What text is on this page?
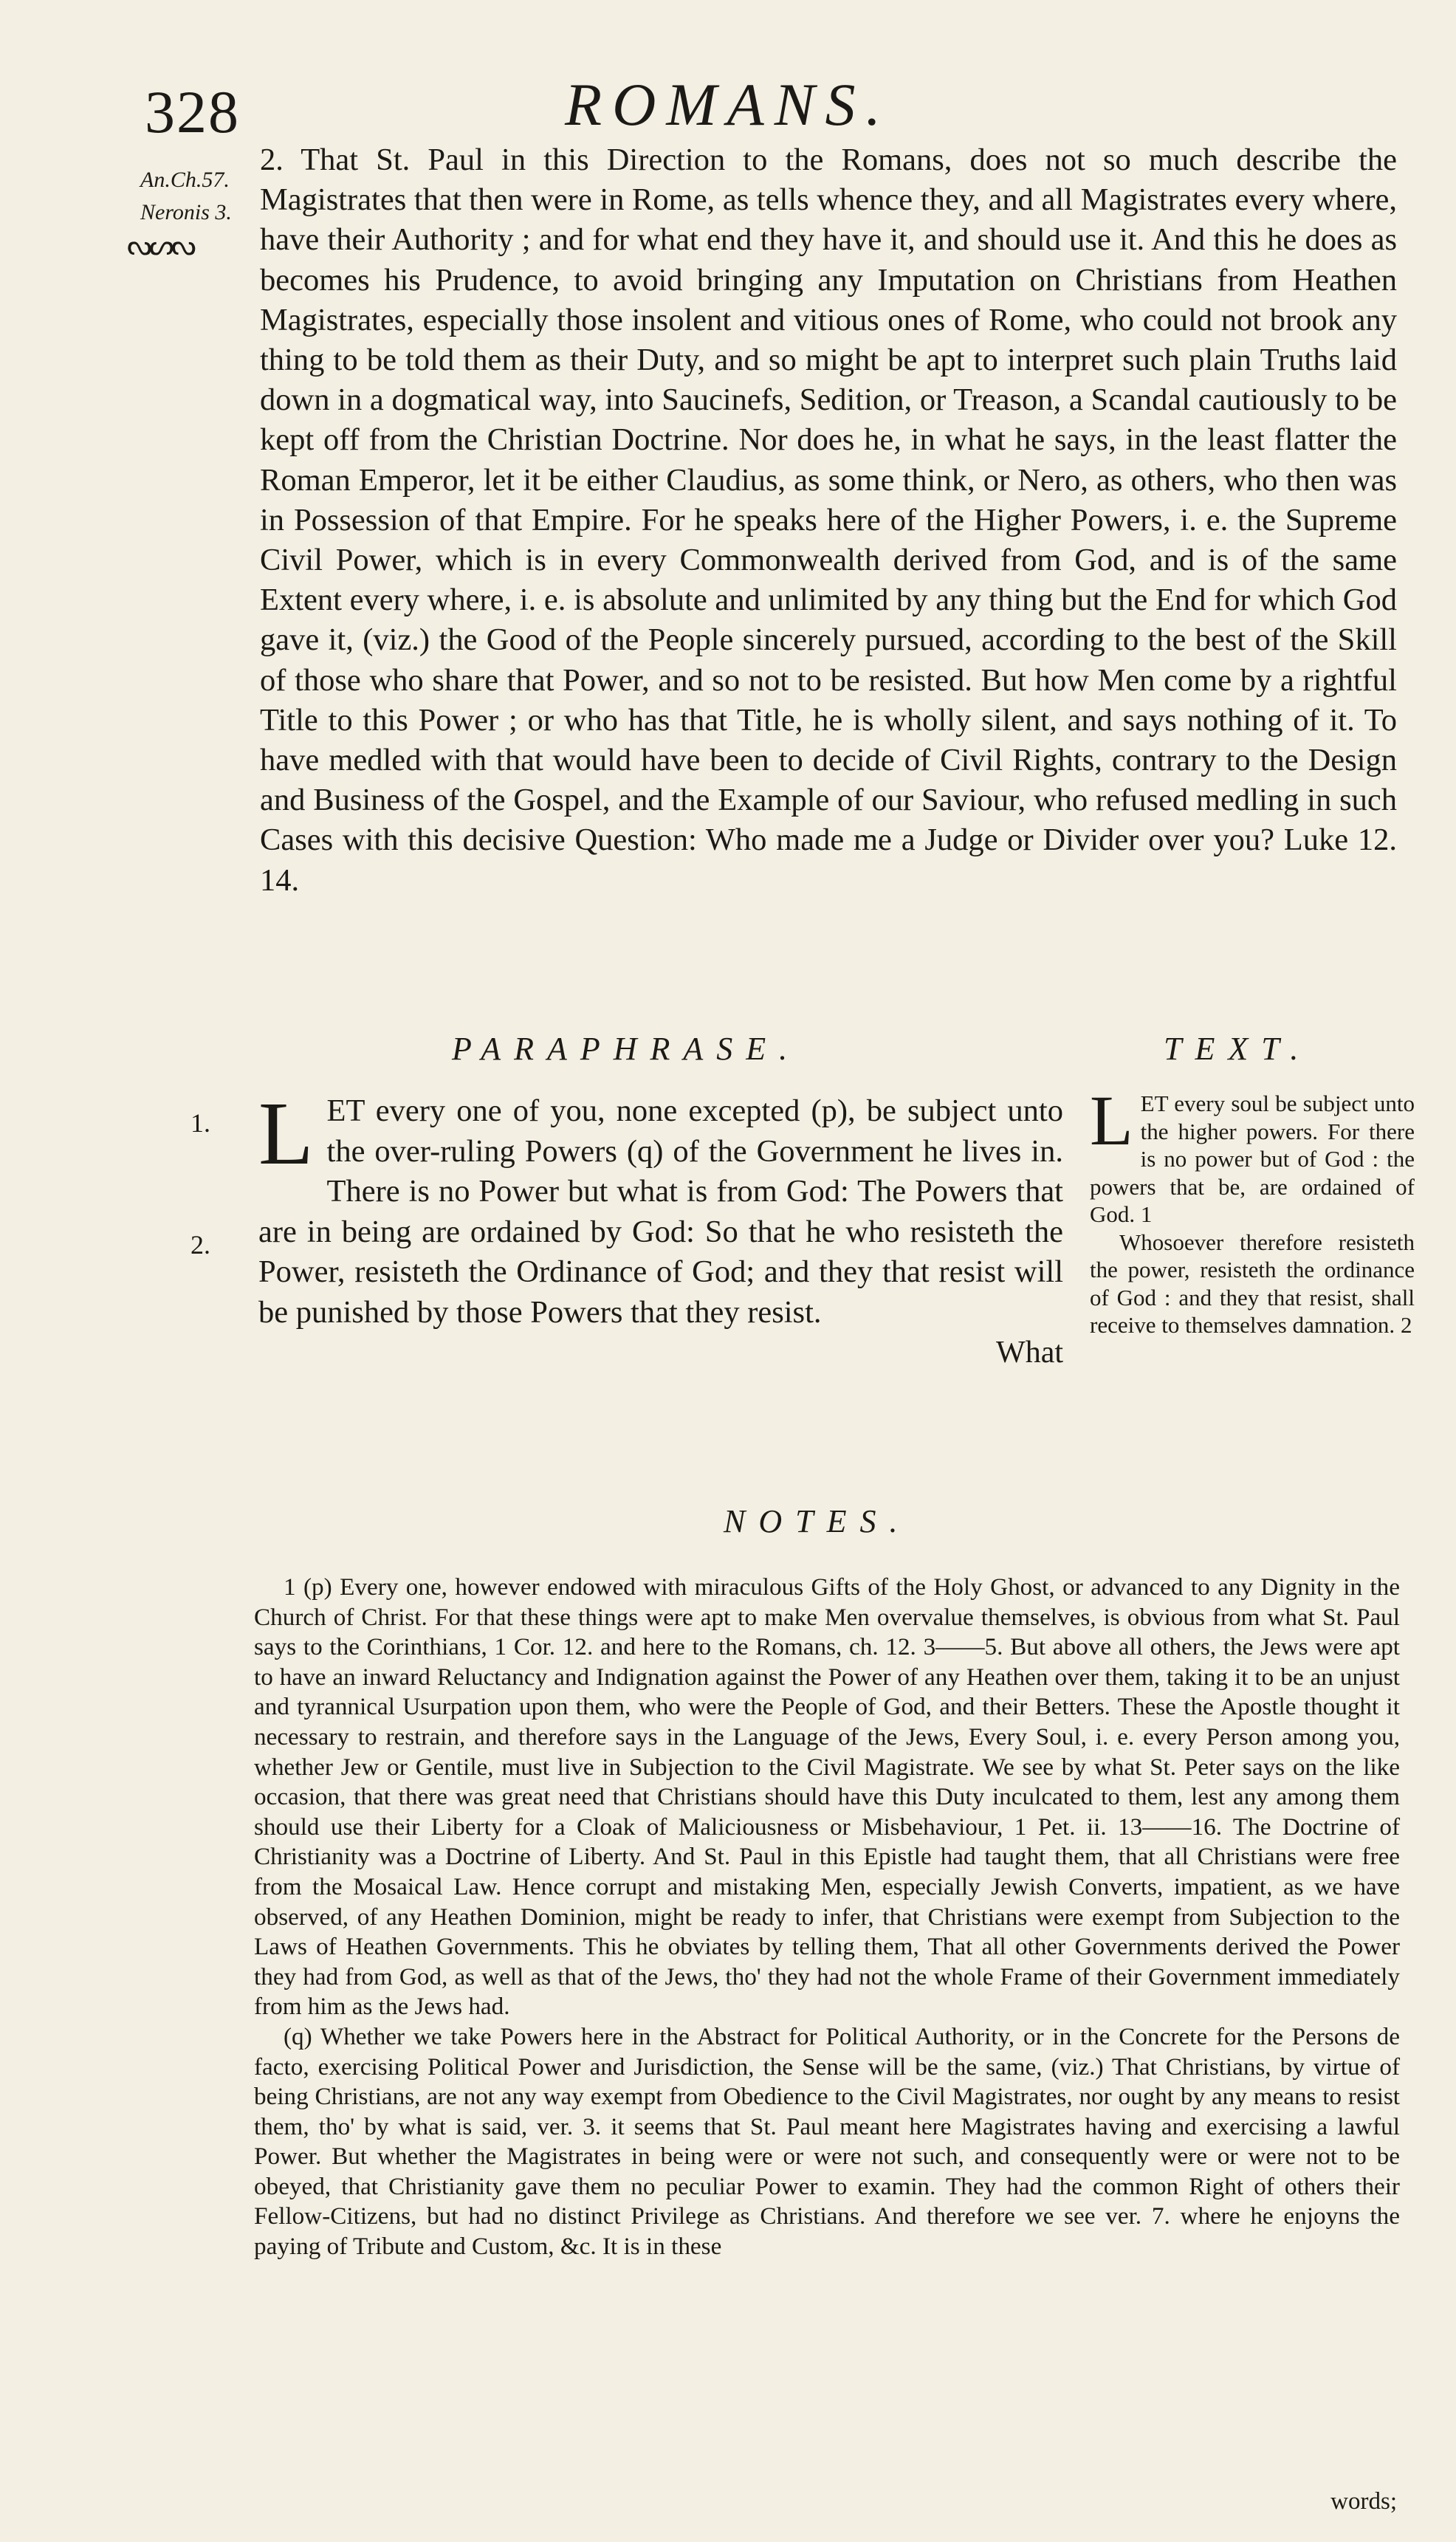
328	ROMANS.
An.Ch.57.
Neronis 3.
ᔓᔕᔓ

2. That St. Paul in this Direction to the Romans, does not so much describe the Magistrates that then were in Rome, as tells whence they, and all Magistrates every where, have their Authority ; and for what end they have it, and should use it. And this he does as becomes his Prudence, to avoid bringing any Imputation on Christians from Heathen Magistrates, especially those insolent and vitious ones of Rome, who could not brook any thing to be told them as their Duty, and so might be apt to interpret such plain Truths laid down in a dogmatical way, into Saucinefs, Sedition, or Treason, a Scandal cautiously to be kept off from the Christian Doctrine. Nor does he, in what he says, in the least flatter the Roman Emperor, let it be either Claudius, as some think, or Nero, as others, who then was in Possession of that Empire. For he speaks here of the Higher Powers, i. e. the Supreme Civil Power, which is in every Commonwealth derived from God, and is of the same Extent every where, i. e. is absolute and unlimited by any thing but the End for which God gave it, (viz.) the Good of the People sincerely pursued, according to the best of the Skill of those who share that Power, and so not to be resisted. But how Men come by a rightful Title to this Power ; or who has that Title, he is wholly silent, and says nothing of it. To have medled with that would have been to decide of Civil Rights, contrary to the Design and Business of the Gospel, and the Example of our Saviour, who refused medling in such Cases with this decisive Question: Who made me a Judge or Divider over you? Luke 12. 14.

PARAPHRASE.	TEXT.
1.
2.
L ET every one of you, none excepted (p), be subject unto the over-ruling Powers (q) of the Government he lives in. There is no Power but what is from God: The Powers that are in being are ordained by God: So that he who resisteth the Power, resisteth the Ordinance of God; and they that resist will be punished by those Powers that they resist.
What

L ET every soul be subject unto the higher powers. For there is no power but of God : the powers that be, are ordained of God. 1

Whosoever therefore resisteth the power, resisteth the ordinance of God : and they that resist, shall receive to themselves damnation. 2

NOTES.

1 (p) Every one, however endowed with miraculous Gifts of the Holy Ghost, or advanced to any Dignity in the Church of Christ. For that these things were apt to make Men overvalue themselves, is obvious from what St. Paul says to the Corinthians, 1 Cor. 12. and here to the Romans, ch. 12. 3——5. But above all others, the Jews were apt to have an inward Reluctancy and Indignation against the Power of any Heathen over them, taking it to be an unjust and tyrannical Usurpation upon them, who were the People of God, and their Betters. These the Apostle thought it necessary to restrain, and therefore says in the Language of the Jews, Every Soul, i. e. every Person among you, whether Jew or Gentile, must live in Subjection to the Civil Magistrate. We see by what St. Peter says on the like occasion, that there was great need that Christians should have this Duty inculcated to them, lest any among them should use their Liberty for a Cloak of Maliciousness or Misbehaviour, 1 Pet. ii. 13——16. The Doctrine of Christianity was a Doctrine of Liberty. And St. Paul in this Epistle had taught them, that all Christians were free from the Mosaical Law. Hence corrupt and mistaking Men, especially Jewish Converts, impatient, as we have observed, of any Heathen Dominion, might be ready to infer, that Christians were exempt from Subjection to the Laws of Heathen Governments. This he obviates by telling them, That all other Governments derived the Power they had from God, as well as that of the Jews, tho' they had not the whole Frame of their Government immediately from him as the Jews had.

(q) Whether we take Powers here in the Abstract for Political Authority, or in the Concrete for the Persons de facto, exercising Political Power and Jurisdiction, the Sense will be the same, (viz.) That Christians, by virtue of being Christians, are not any way exempt from Obedience to the Civil Magistrates, nor ought by any means to resist them, tho' by what is said, ver. 3. it seems that St. Paul meant here Magistrates having and exercising a lawful Power. But whether the Magistrates in being were or were not such, and consequently were or were not to be obeyed, that Christianity gave them no peculiar Power to examin. They had the common Right of others their Fellow-Citizens, but had no distinct Privilege as Christians. And therefore we see ver. 7. where he enjoyns the paying of Tribute and Custom, &c. It is in these

words;
